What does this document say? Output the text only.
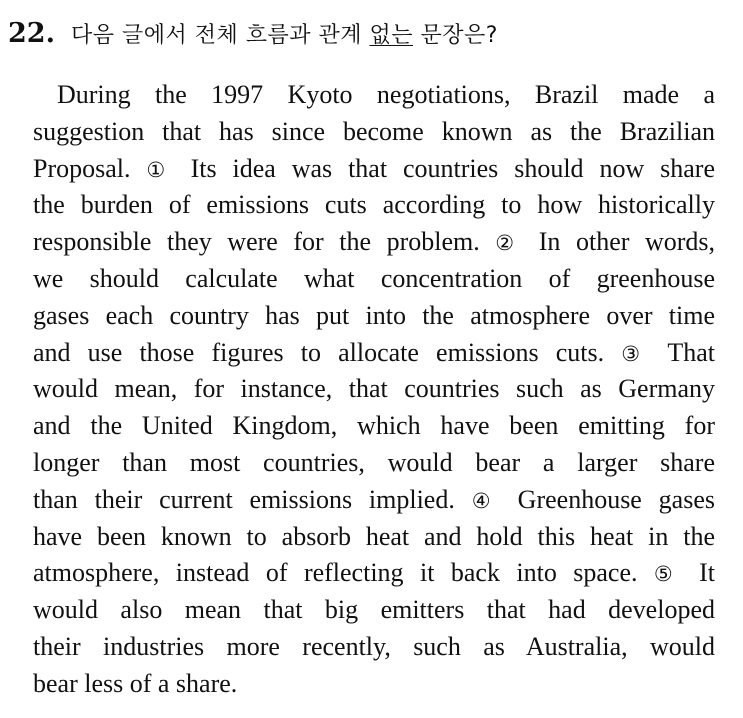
22. 다음 글에서 전체 흐름과 관계 없는 문장은?
During the 1997 Kyoto negotiations, Brazil made a
suggestion that has since become known as the Brazilian
Proposal. ① Its idea was that countries should now share
the burden of emissions cuts according to how historically
responsible they were for the problem. ② In other words,
we should calculate what concentration of greenhouse
gases each country has put into the atmosphere over time
and use those figures to allocate emissions cuts. ③ That
would mean, for instance, that countries such as Germany
and the United Kingdom, which have been emitting for
longer than most countries, would bear a larger share
than their current emissions implied. ④ Greenhouse gases
have been known to absorb heat and hold this heat in the
atmosphere, instead of reflecting it back into space. ⑤ It
would also mean that big emitters that had developed
their industries more recently, such as Australia, would
bear less of a share.
